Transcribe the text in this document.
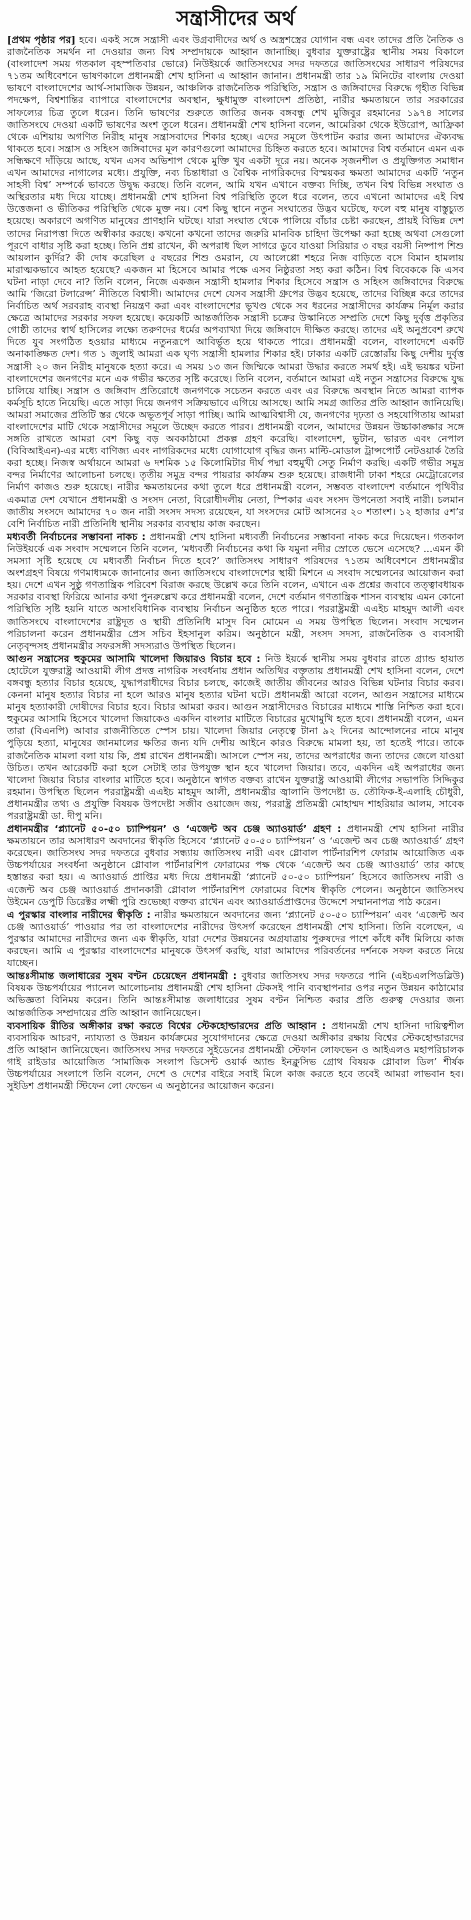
সন্ত্রাসীদের অর্থ

[প্রথম পৃষ্ঠার পর] হবে। একই সঙ্গে সন্ত্রাসী এবং উগ্রবাদীদের অর্থ ও অস্ত্রশস্ত্রের যোগান বন্ধ এবং তাদের প্রতি নৈতিক ও রাজনৈতিক সমর্থন না দেওয়ার জন্য বিশ্ব সম্প্রদায়কে আহ্বান জানাচ্ছি। বুধবার যুক্তরাষ্ট্রের স্থানীয় সময় বিকালে (বাংলাদেশ সময় গতকাল বৃহস্পতিবার ভোরে) নিউইয়র্কে জাতিসংঘের সদর দফতরে জাতিসংঘের সাধারণ পরিষদের ৭১তম অধিবেশনে ভাষণকালে প্রধানমন্ত্রী শেখ হাসিনা এ আহ্বান জানান। প্রধানমন্ত্রী তার ১৯ মিনিটের বাংলায় দেওয়া ভাষণে বাংলাদেশের আর্থ-সামাজিক উন্নয়ন, আঞ্চলিক রাজনৈতিক পরিস্থিতি, সন্ত্রাস ও জঙ্গিবাদের বিরুদ্ধে গৃহীত বিভিন্ন পদক্ষেপ, বিশ্বশান্তির ব্যাপারে বাংলাদেশের অবস্থান, ক্ষুধামুক্ত বাংলাদেশ প্রতিষ্ঠা, নারীর ক্ষমতায়নে তার সরকারের সাফল্যের চিত্র তুলে ধরেন। তিনি ভাষণের শুরুতে জাতির জনক বঙ্গবন্ধু শেখ মুজিবুর রহমানের ১৯৭৪ সালের জাতিসংঘে দেওয়া একটি ভাষণের অংশ তুলে ধরেন। প্রধানমন্ত্রী শেখ হাসিনা বলেন, আমেরিকা থেকে ইউরোপ, আফ্রিকা থেকে এশিয়ায় অগণিত নিরীহ মানুষ সন্ত্রাসবাদের শিকার হচ্ছে। এদের সমূলে উৎপাটন করার জন্য আমাদের ঐক্যবদ্ধ থাকতে হবে। সন্ত্রাস ও সহিংস জঙ্গিবাদের মূল কারণগুলো আমাদের চিহ্নিত করতে হবে। আমাদের বিশ্ব বর্তমানে এমন এক সন্ধিক্ষণে দাঁড়িয়ে আছে, যখন এসব অভিশাপ থেকে মুক্তি খুব একটা দূরে নয়। অনেক সৃজনশীল ও প্রযুক্তিগত সমাধান এখন আমাদের নাগালের মধ্যে। প্রযুক্তি, নব্য চিন্তাধারা ও বৈশ্বিক নাগরিকদের বিস্ময়কর ক্ষমতা আমাদের একটি ‘নতুন সাহসী বিশ্ব’ সম্পর্কে ভাবতে উদ্বুদ্ধ করছে। তিনি বলেন, আমি যখন এখানে বক্তব্য দিচ্ছি, তখন বিশ্ব বিভিন্ন সংঘাত ও অস্থিরতার মধ্য দিয়ে যাচ্ছে। প্রধানমন্ত্রী শেখ হাসিনা বিশ্ব পরিস্থিতি তুলে ধরে বলেন, তবে এখনো আমাদের এই বিশ্ব উত্তেজনা ও ভীতিকর পরিস্থিতি থেকে মুক্ত নয়। বেশ কিছু স্থানে নতুন সংঘাতের উদ্ভব ঘটেছে, ফলে বহু মানুষ বাস্তুচ্যুত হয়েছে। অকারণে অগণিত মানুষের প্রাণহানি ঘটছে। যারা সংঘাত থেকে পালিয়ে বাঁচার চেষ্টা করছেন, প্রায়ই বিভিন্ন দেশ তাদের নিরাপত্তা দিতে অস্বীকার করছে। কখনো কখনো তাদের জরুরি মানবিক চাহিদা উপেক্ষা করা হচ্ছে অথবা সেগুলো পূরণে বাধার সৃষ্টি করা হচ্ছে। তিনি প্রশ্ন রাখেন, কী অপরাধ ছিল সাগরে ডুবে যাওয়া সিরিয়ার ৩ বছর বয়সী নিষ্পাপ শিশু আয়লান কুর্দির? কী দোষ করেছিল ৫ বছরের শিশু ওমরান, যে আলেপ্পো শহরে নিজ বাড়িতে বসে বিমান হামলায় মারাত্মকভাবে আহত হয়েছে? একজন মা হিসেবে আমার পক্ষে এসব নিষ্ঠুরতা সহ্য করা কঠিন। বিশ্ব বিবেককে কি এসব ঘটনা নাড়া দেবে না? তিনি বলেন, নিজে একজন সন্ত্রাসী হামলার শিকার হিসেবে সন্ত্রাস ও সহিংস জঙ্গিবাদের বিরুদ্ধে আমি ‘জিরো টলারেন্স’ নীতিতে বিশ্বাসী। আমাদের দেশে যেসব সন্ত্রাসী গ্রুপের উদ্ভব হয়েছে, তাদের বিচ্ছিন্ন করে তাদের নির্বাচিত অর্থ সরবরাহ ব্যবস্থা নিয়ন্ত্রণ করা এবং বাংলাদেশের ভূখণ্ড থেকে সব ধরনের সন্ত্রাসীদের কার্যক্রম নির্মূল করার ক্ষেত্রে আমাদের সরকার সফল হয়েছে। কয়েকটি আন্তর্জাতিক সন্ত্রাসী চক্রের উস্কানিতে সম্প্রতি দেশে কিছু দুর্বৃত্ত প্রকৃতির গোষ্ঠী তাদের স্বার্থ হাসিলের লক্ষ্যে তরুণদের ধর্মের অপব্যাখ্যা দিয়ে জঙ্গিবাদে দীক্ষিত করছে। তাদের এই অনুপ্রবেশ রুখে দিতে যুব সংগঠিত হওয়ার মাধ্যমে নতুনরূপে আবির্ভূত হয়ে থাকতে পারে। প্রধানমন্ত্রী বলেন, বাংলাদেশে একটি অনাকাঙ্ক্ষিত দেশ। গত ১ জুলাই আমরা এক ঘৃণ্য সন্ত্রাসী হামলার শিকার হই। ঢাকার একটি রেস্তোরাঁয় কিছু দেশীয় দুর্বৃত্ত সন্ত্রাসী ২০ জন নিরীহ মানুষকে হত্যা করে। এ সময় ১৩ জন জিম্মিকে আমরা উদ্ধার করতে সমর্থ হই। এই ভয়ঙ্কর ঘটনা বাংলাদেশের জনগণের মনে এক গভীর ক্ষতের সৃষ্টি করেছে। তিনি বলেন, বর্তমানে আমরা এই নতুন সন্ত্রাসের বিরুদ্ধে যুদ্ধ চালিয়ে যাচ্ছি। সন্ত্রাস ও জঙ্গিবাদ প্রতিরোধে জনগণকে সচেতন করতে এবং এর বিরুদ্ধে অবস্থান নিতে আমরা ব্যাপক কর্মসূচি হাতে নিয়েছি। এতে সাড়া দিয়ে জনগণ সক্রিয়ভাবে এগিয়ে আসছে। আমি সমগ্র জাতির প্রতি আহ্বান জানিয়েছি। আমরা সমাজের প্রতিটি স্তর থেকে অভূতপূর্ব সাড়া পাচ্ছি। আমি আত্মবিশ্বাসী যে, জনগণের দৃঢ়তা ও সহযোগিতায় আমরা বাংলাদেশের মাটি থেকে সন্ত্রাসীদের সমূলে উচ্ছেদ করতে পারব। প্রধানমন্ত্রী বলেন, আমাদের উন্নয়ন উচ্চাকাঙ্ক্ষার সঙ্গে সঙ্গতি রাখতে আমরা বেশ কিছু বড় অবকাঠামো প্রকল্প গ্রহণ করেছি। বাংলাদেশ, ভুটান, ভারত এবং নেপাল (বিবিআইএন)-এর মধ্যে বাণিজ্য এবং নাগরিকদের মধ্যে যোগাযোগ বৃদ্ধির জন্য মাল্টি-মোডাল ট্রান্সপোর্ট নেটওয়ার্ক তৈরি করা হচ্ছে। নিজস্ব অর্থায়নে আমরা ৬ দশমিক ১৫ কিলোমিটার দীর্ঘ পদ্মা বহুমুখী সেতু নির্মাণ করছি। একটি গভীর সমুদ্র বন্দর নির্মাণের আলোচনা চলছে। তৃতীয় সমুদ্র বন্দর পায়রার কার্যক্রম শুরু হয়েছে। রাজধানী ঢাকা শহরে মেট্রোরেলের নির্মাণ কাজও শুরু হয়েছে। নারীর ক্ষমতায়নের কথা তুলে ধরে প্রধানমন্ত্রী বলেন, সম্ভবত বাংলাদেশ বর্তমানে পৃথিবীর একমাত্র দেশ যেখানে প্রধানমন্ত্রী ও সংসদ নেতা, বিরোধীদলীয় নেতা, স্পিকার এবং সংসদ উপনেতা সবাই নারী। চলমান জাতীয় সংসদে আমাদের ৭০ জন নারী সংসদ সদস্য রয়েছেন, যা সংসদের মোট আসনের ২০ শতাংশ। ১২ হাজার ৫শ’র বেশি নির্বাচিত নারী প্রতিনিধি স্থানীয় সরকার ব্যবস্থায় কাজ করছেন।

মধ্যবর্তী নির্বাচনের সম্ভাবনা নাকচ : প্রধানমন্ত্রী শেখ হাসিনা মধ্যবর্তী নির্বাচনের সম্ভাবনা নাকচ করে দিয়েছেন। গতকাল নিউইয়র্কে এক সংবাদ সম্মেলনে তিনি বলেন, ‘মধ্যবর্তী নির্বাচনের কথা কি যমুনা নদীর স্রোতে ভেসে এসেছে? ...এমন কী সমস্যা সৃষ্টি হয়েছে যে মধ্যবর্তী নির্বাচন দিতে হবে?’ জাতিসংঘ সাধারণ পরিষদের ৭১তম অধিবেশনে প্রধানমন্ত্রীর অংশগ্রহণ বিষয়ে গণমাধ্যমকে জানানোর জন্য জাতিসংঘে বাংলাদেশের স্থায়ী মিশনে এ সংবাদ সম্মেলনের আয়োজন করা হয়। দেশে এখন সুষ্ঠু গণতান্ত্রিক পরিবেশ বিরাজ করছে উল্লেখ করে তিনি বলেন, এখানে এক প্রশ্নের জবাবে তত্ত্বাবধায়ক সরকার ব্যবস্থা ফিরিয়ে আনার কথা পুনরুল্লেখ করে প্রধানমন্ত্রী বলেন, দেশে বর্তমান গণতান্ত্রিক শাসন ব্যবস্থায় এমন কোনো পরিস্থিতি সৃষ্টি হয়নি যাতে অসাংবিধানিক ব্যবস্থায় নির্বাচন অনুষ্ঠিত হতে পারে। পররাষ্ট্রমন্ত্রী এএইচ মাহমুদ আলী এবং জাতিসংঘে বাংলাদেশের রাষ্ট্রদূত ও স্থায়ী প্রতিনিধি মাসুদ বিন মোমেন এ সময় উপস্থিত ছিলেন। সংবাদ সম্মেলন পরিচালনা করেন প্রধানমন্ত্রীর প্রেস সচিব ইহসানুল করিম। অনুষ্ঠানে মন্ত্রী, সংসদ সদস্য, রাজনৈতিক ও ব্যবসায়ী নেতৃবৃন্দসহ প্রধানমন্ত্রীর সফরসঙ্গী সদস্যরাও উপস্থিত ছিলেন।

আগুন সন্ত্রাসের হুকুমের আসামি খালেদা জিয়ারও বিচার হবে : নিউ ইয়র্কে স্থানীয় সময় বুধবার রাতে গ্র্যান্ড হায়াত হোটেলে যুক্তরাষ্ট্র আওয়ামী লীগ প্রদত্ত নাগরিক সংবর্ধনায় প্রধান অতিথির বক্তৃতায় প্রধানমন্ত্রী শেখ হাসিনা বলেন, দেশে বঙ্গবন্ধু হত্যার বিচার হয়েছে, যুদ্ধাপরাধীদের বিচার চলছে, কাজেই জাতীয় জীবনের আরও বিভিন্ন ঘটনার বিচার করব। কেননা মানুষ হত্যার বিচার না হলে আরও মানুষ হত্যার ঘটনা ঘটে। প্রধানমন্ত্রী আরো বলেন, আগুন সন্ত্রাসের মাধ্যমে মানুষ হত্যাকারী দোষীদের বিচার হবে। বিচার আমরা করব। আগুন সন্ত্রাসীদেরও বিচারের মাধ্যমে শাস্তি নিশ্চিত করা হবে। হুকুমের আসামি হিসেবে খালেদা জিয়াকেও একদিন বাংলার মাটিতে বিচারের মুখোমুখি হতে হবে। প্রধানমন্ত্রী বলেন, এমন তারা (বিএনপি) আবার রাজনীতিতে স্পেস চায়। খালেদা জিয়ার নেতৃত্বে টানা ৯২ দিনের আন্দোলনের নামে মানুষ পুড়িয়ে হত্যা, মানুষের জানমালের ক্ষতির জন্য যদি দেশীয় আইনে কারও বিরুদ্ধে মামলা হয়, তা হতেই পারে। তাকে রাজনৈতিক মামলা বলা যায় কি, প্রশ্ন রাখেন প্রধানমন্ত্রী। আসলে স্পেস নয়, তাদের অপরাধের জন্য তাদের জেলে যাওয়া উচিত। তখন আরেকটি করা হলে সেটাই তার উপযুক্ত স্থান হবে খালেদা জিয়ার। তবে, একদিন এই অপরাধের জন্য খালেদা জিয়ার বিচার বাংলার মাটিতে হবে। অনুষ্ঠানে স্বাগত বক্তব্য রাখেন যুক্তরাষ্ট্র আওয়ামী লীগের সভাপতি সিদ্দিকুর রহমান। উপস্থিত ছিলেন পররাষ্ট্রমন্ত্রী এএইচ মাহমুদ আলী, প্রধানমন্ত্রীর জ্বালানি উপদেষ্টা ড. তৌফিক-ই-এলাহি চৌধুরী, প্রধানমন্ত্রীর তথ্য ও প্রযুক্তি বিষয়ক উপদেষ্টা সজীব ওয়াজেদ জয়, পররাষ্ট্র প্রতিমন্ত্রী মোহাম্মদ শাহরিয়ার আলম, সাবেক পররাষ্ট্রমন্ত্রী ডা. দীপু মনি।

প্রধানমন্ত্রীর ‘প্ল্যানেট ৫০-৫০ চ্যাম্পিয়ন’ ও ‘এজেন্ট অব চেঞ্জ অ্যাওয়ার্ড’ গ্রহণ : প্রধানমন্ত্রী শেখ হাসিনা নারীর ক্ষমতায়নে তার অসাধারণ অবদানের স্বীকৃতি হিসেবে ‘প্ল্যানেট ৫০-৫০ চ্যাম্পিয়ন’ ও ‘এজেন্ট অব চেঞ্জ অ্যাওয়ার্ড’ গ্রহণ করেছেন। জাতিসংঘ সদর দফতরে বুধবার সন্ধ্যায় জাতিসংঘ নারী এবং গ্লোবাল পার্টনারশিপ ফোরাম আয়োজিত এক উচ্চপর্যায়ের সংবর্ধনা অনুষ্ঠানে গ্লোবাল পার্টনারশিপ ফোরামের পক্ষ থেকে ‘এজেন্ট অব চেঞ্জ অ্যাওয়ার্ড’ তার কাছে হস্তান্তর করা হয়। এ অ্যাওয়ার্ড প্রাপ্তির মধ্য দিয়ে প্রধানমন্ত্রী ‘প্ল্যানেট ৫০-৫০ চ্যাম্পিয়ন’ হিসেবে জাতিসংঘ নারী ও এজেন্ট অব চেঞ্জ অ্যাওয়ার্ড প্রদানকারী গ্লোবাল পার্টনারশিপ ফোরামের বিশেষ স্বীকৃতি পেলেন। অনুষ্ঠানে জাতিসংঘ উইমেন ডেপুটি ডিরেক্টর লক্ষ্মী পুরি শুভেচ্ছা বক্তব্য রাখেন এবং অ্যাওয়ার্ডপ্রাপ্তদের উদ্দেশে সম্মাননাপত্র পাঠ করেন।

এ পুরস্কার বাংলার নারীদের স্বীকৃতি : নারীর ক্ষমতায়নে অবদানের জন্য ‘প্ল্যানেট ৫০-৫০ চ্যাম্পিয়ন’ এবং ‘এজেন্ট অব চেঞ্জ অ্যাওয়ার্ড’ পাওয়ার পর তা বাংলাদেশের নারীদের উৎসর্গ করেছেন প্রধানমন্ত্রী শেখ হাসিনা। তিনি বলেছেন, এ পুরস্কার আমাদের নারীদের জন্য এক স্বীকৃতি, যারা দেশের উন্নয়নের অগ্রযাত্রায় পুরুষদের পাশে কাঁধে কাঁধ মিলিয়ে কাজ করছেন। আমি এ পুরস্কার বাংলাদেশের মানুষকে উৎসর্গ করছি, যারা আমাদের পরিবর্তনের দর্শনকে সফল করতে নিয়ে যাচ্ছেন।

আন্তঃসীমান্ত জলাধারের সুষম বণ্টন চেয়েছেন প্রধানমন্ত্রী : বুধবার জাতিসংঘ সদর দফতরে পানি (এইচএলপিডব্লিউ) বিষয়ক উচ্চপর্যায়ের প্যানেল আলোচনায় প্রধানমন্ত্রী শেখ হাসিনা টেকসই পানি ব্যবস্থাপনার ওপর নতুন উন্নয়ন কাঠামোর অভিজ্ঞতা বিনিময় করেন। তিনি আন্তঃসীমান্ত জলাধারের সুষম বণ্টন নিশ্চিত করার প্রতি গুরুত্ব দেওয়ার জন্য আন্তর্জাতিক সম্প্রদায়ের প্রতি আহ্বান জানিয়েছেন।

ব্যবসায়িক রীতির অঙ্গীকার রক্ষা করতে বিশ্বের স্টেকহোল্ডারদের প্রতি আহ্বান : প্রধানমন্ত্রী শেখ হাসিনা দায়িত্বশীল ব্যবসায়িক আচরণ, ন্যায্যতা ও উন্নয়ন কার্যক্রমের সুযোগদানের ক্ষেত্রে দেওয়া অঙ্গীকার রক্ষায় বিশ্বের স্টেকহোল্ডারদের প্রতি আহ্বান জানিয়েছেন। জাতিসংঘ সদর দফতরে সুইডেনের প্রধানমন্ত্রী স্টেফান লোফভেন ও আইএলও মহাপরিচালক গাই রাইডার আয়োজিত ‘সামাজিক সংলাপ ডিসেন্ট ওয়ার্ক অ্যান্ড ইনক্লুসিভ গ্রোথ বিষয়ক গ্লোবাল ডিল’ শীর্ষক উচ্চপর্যায়ের সংলাপে তিনি বলেন, দেশে ও দেশের বাইরে সবাই মিলে কাজ করতে হবে তবেই আমরা লাভবান হব। সুইডিশ প্রধানমন্ত্রী স্টিফেন লো ফেভেন এ অনুষ্ঠানের আয়োজন করেন।
